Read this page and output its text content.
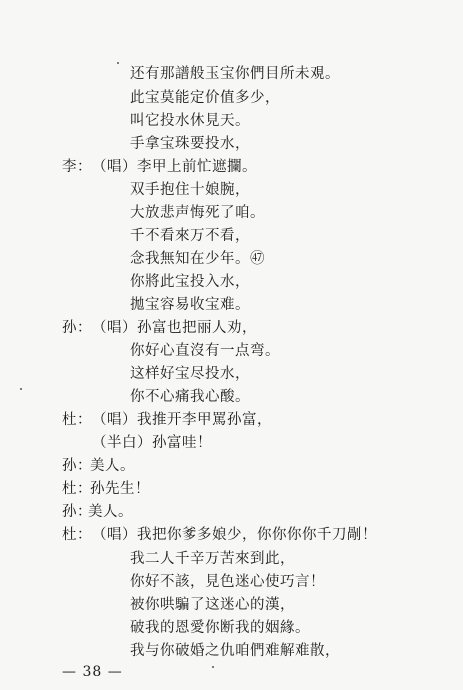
还有那譜般玉宝你們目所未覌。
此宝莫能定价值多少，
叫它投水休見天。
手拿宝珠要投水，
李： （唱）李甲上前忙遮攔。
双手抱住十娘腕，
大放悲声悔死了咱。
千不看來万不看，
念我無知在少年。㊼
你將此宝投入水，
拋宝容易收宝难。
孙： （唱）孙富也把丽人劝，
你好心直沒有一点弯。
这样好宝尽投水，
你不心痛我心酸。
杜： （唱）我推开李甲罵孙富，
（半白）孙富哇！
孙：
美人。
杜：
孙先生！
孙：
美人。
杜： （唱）我把你爹多娘少，你你你你千刀剮！
我二人千辛万苦來到此，
你好不該，見色迷心使巧言！
被你哄騙了这迷心的漢，
破我的恩愛你断我的姻緣。
我与你破婚之仇咱們难解难散，
— 38 —
